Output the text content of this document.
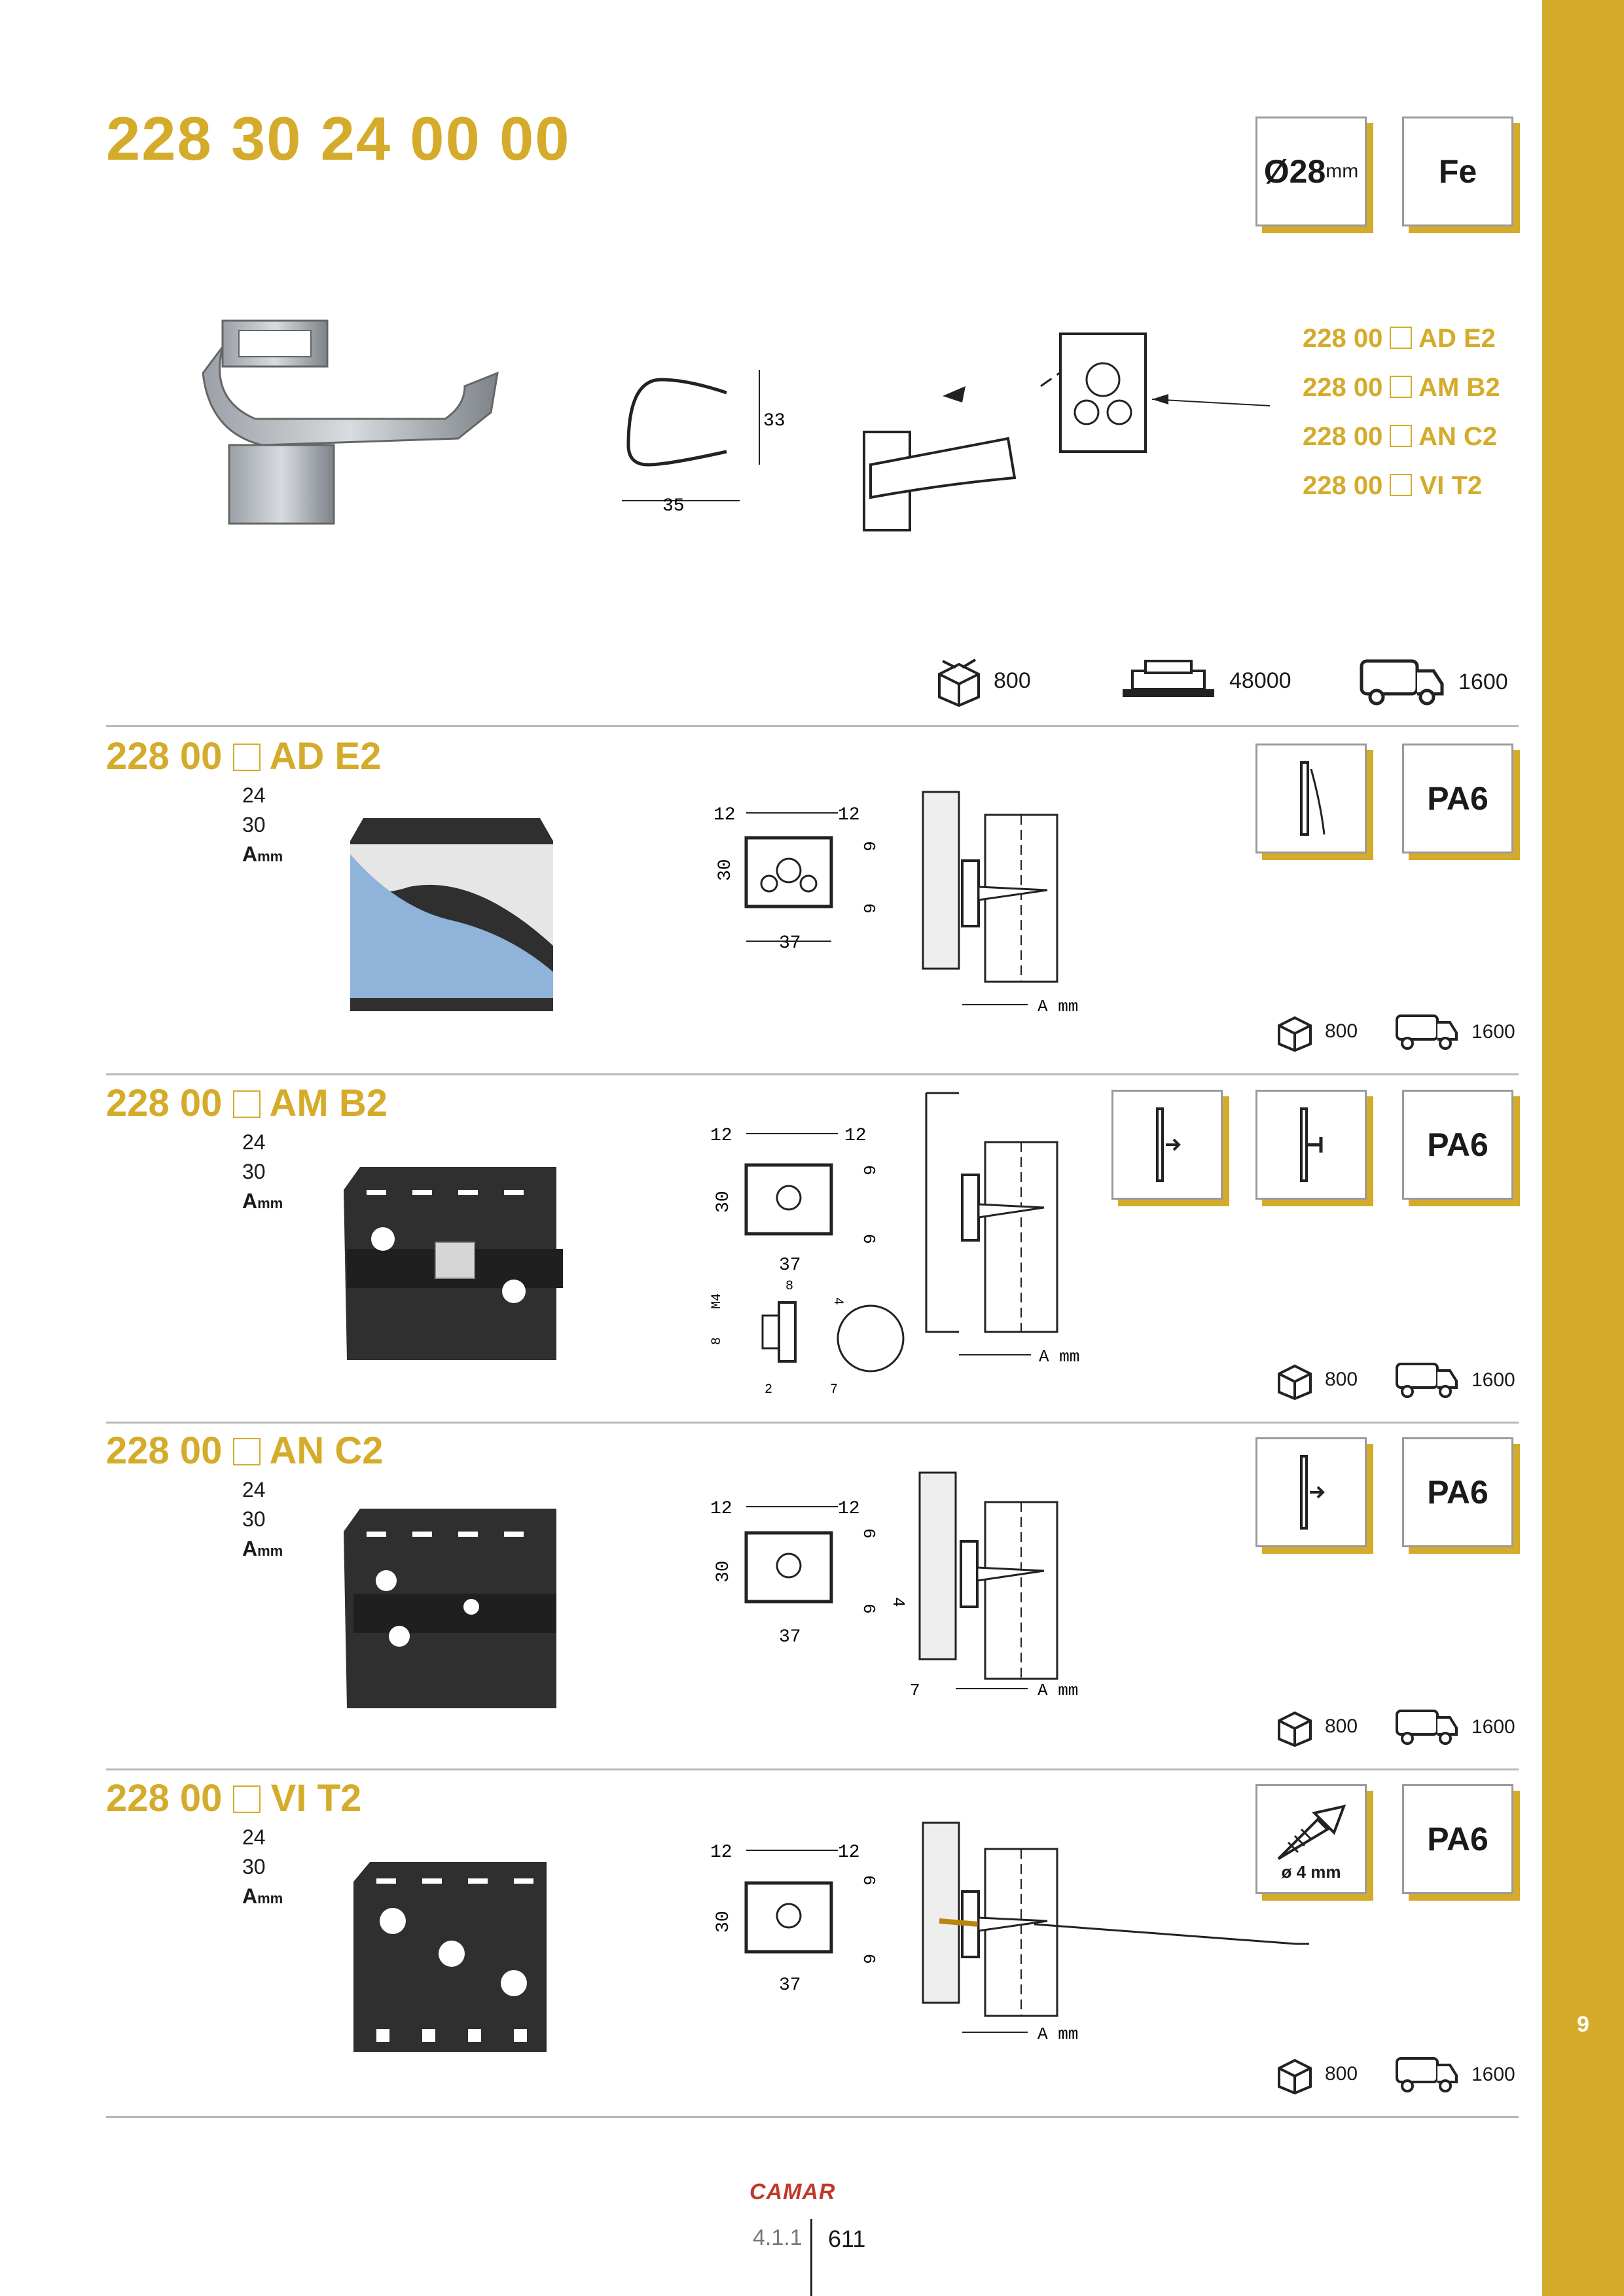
9
228 30 24 00 00	Ø28 mm Fe
33
35
228 00 AD E2
228 00 AM B2
228 00 AN C2
228 00 VI T2
800	48000	1600
228 00 AD E2
24
30
Amm
12	12
30
37
6
6
A mm
PA6
800	1600
228 00 AM B2
24
30
Amm
12	12
30
37
6
6
M4
8
8
4
2	7
A mm
PA6
800	1600
228 00 AN C2
24
30
Amm
12	12
30
37
6
6
4
7	A mm
PA6
800	1600
228 00 VI T2
24
30
Amm
12	12
30
37
6
6
A mm
ø 4 mm
PA6
800	1600
CAMAR
4.1.1 611
